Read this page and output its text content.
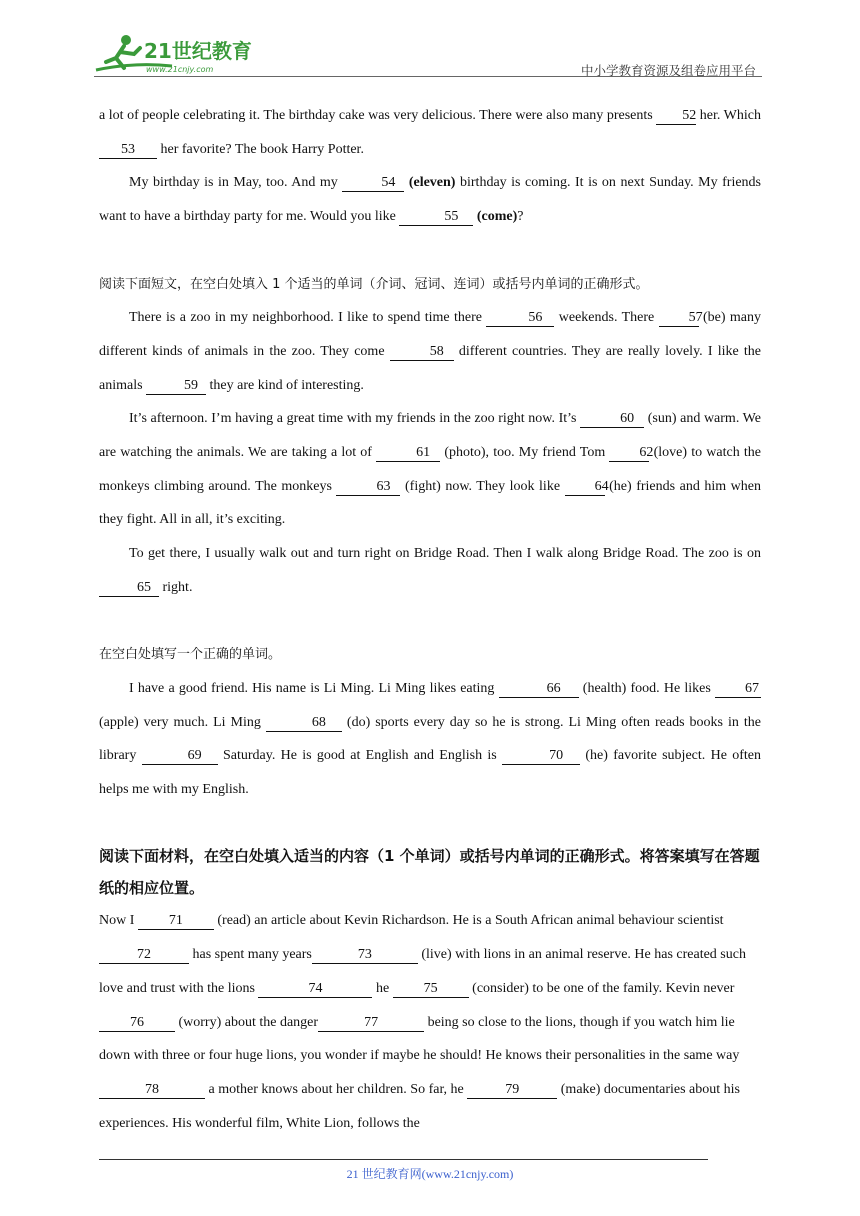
21世纪教育
www.21cnjy.com	中小学教育资源及组卷应用平台

a lot of people celebrating it. The birthday cake was very delicious. There were also many presents 52 her. Which 53 her favorite? The book Harry Potter.

My birthday is in May, too. And my	54 (eleven) birthday is coming. It is on next Sunday. My friends want to have a birthday party for me. Would you like	55 (come)?

阅读下面短文，在空白处填入 1 个适当的单词（介词、冠词、连词）或括号内单词的正确形式。

There is a zoo in my neighborhood. I like to spend time there	56 weekends. There 57 (be) many different kinds of animals in the zoo. They come	58 different countries. They are really lovely. I like the animals	59 they are kind of interesting.

It’s afternoon. I’m having a great time with my friends in the zoo right now. It’s	60 (sun) and warm. We are watching the animals. We are taking a lot of	61 (photo), too. My friend Tom 62 (love) to watch the monkeys climbing around. The monkeys	63 (fight) now. They look like 64 (he) friends and him when they fight. All in all, it’s exciting.

To get there, I usually walk out and turn right on Bridge Road. Then I walk along Bridge Road. The zoo is on 65 right.

在空白处填写一个正确的单词。

I have a good friend. His name is Li Ming. Li Ming likes eating	66 (health) food. He likes 67 (apple) very much. Li Ming	68 (do) sports every day so he is strong. Li Ming often reads books in the library	69 Saturday. He is good at English and English is	70 (he) favorite subject. He often helps me with my English.

阅读下面材料，在空白处填入适当的内容（1 个单词）或括号内单词的正确形式。将答案填写在答题纸的相应位置。

Now I 71 (read) an article about Kevin Richardson. He is a South African animal behaviour scientist 72	has spent many years	73	(live) with lions in an animal reserve. He has created such love and trust with the lions	74	he 75 (consider) to be one of the family. Kevin never 76 (worry) about the danger	77	being so close to the lions, though if you watch him lie down with three or four huge lions, you wonder if maybe he should! He knows their personalities in the same way 78	a mother knows about her children. So far, he	79	(make) documentaries about his experiences. His wonderful film, White Lion, follows the

21 世纪教育网(www.21cnjy.com)
